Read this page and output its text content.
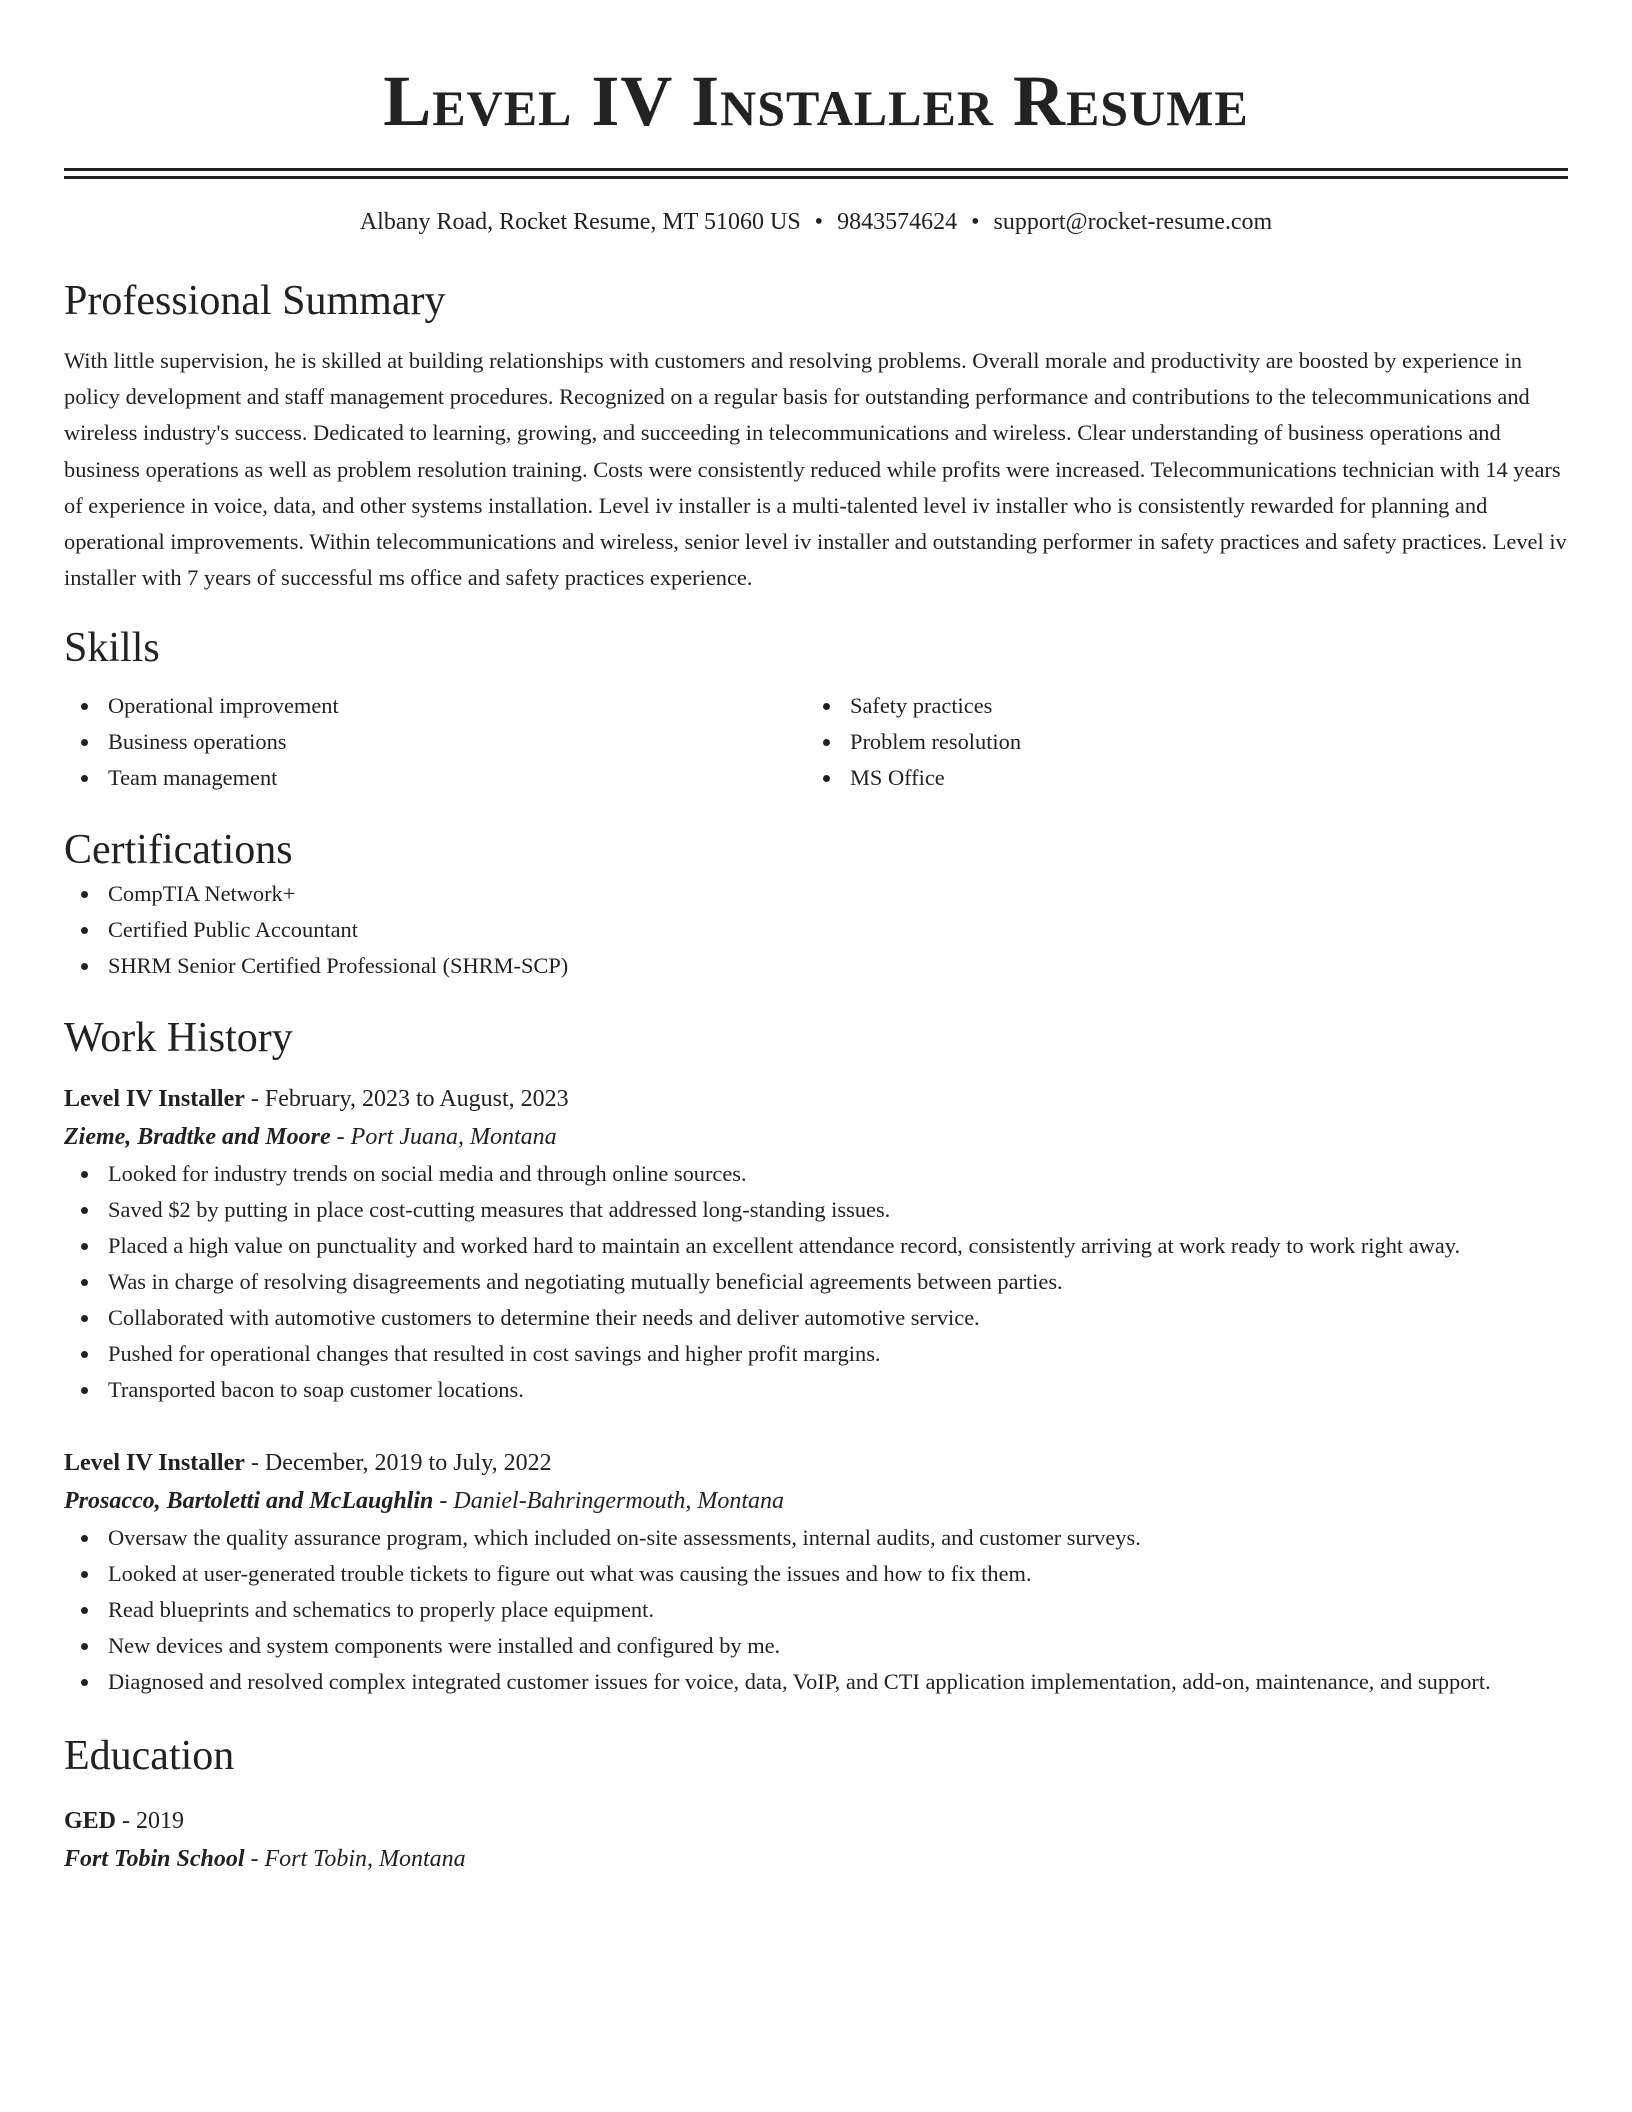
Level IV Installer Resume
Albany Road, Rocket Resume, MT 51060 US • 9843574624 • support@rocket-resume.com
Professional Summary

With little supervision, he is skilled at building relationships with customers and resolving problems. Overall morale and productivity are boosted by experience in policy development and staff management procedures. Recognized on a regular basis for outstanding performance and contributions to the telecommunications and wireless industry's success. Dedicated to learning, growing, and succeeding in telecommunications and wireless. Clear understanding of business operations and business operations as well as problem resolution training. Costs were consistently reduced while profits were increased. Telecommunications technician with 14 years of experience in voice, data, and other systems installation. Level iv installer is a multi-talented level iv installer who is consistently rewarded for planning and operational improvements. Within telecommunications and wireless, senior level iv installer and outstanding performer in safety practices and safety practices. Level iv installer with 7 years of successful ms office and safety practices experience.

Skills
Operational improvement
Business operations
Team management
Safety practices
Problem resolution
MS Office
Certifications
CompTIA Network+
Certified Public Accountant
SHRM Senior Certified Professional (SHRM-SCP)
Work History
Level IV Installer - February, 2023 to August, 2023
Zieme, Bradtke and Moore - Port Juana, Montana
Looked for industry trends on social media and through online sources.
Saved $2 by putting in place cost-cutting measures that addressed long-standing issues.
Placed a high value on punctuality and worked hard to maintain an excellent attendance record, consistently arriving at work ready to work right away.
Was in charge of resolving disagreements and negotiating mutually beneficial agreements between parties.
Collaborated with automotive customers to determine their needs and deliver automotive service.
Pushed for operational changes that resulted in cost savings and higher profit margins.
Transported bacon to soap customer locations.
Level IV Installer - December, 2019 to July, 2022
Prosacco, Bartoletti and McLaughlin - Daniel-Bahringermouth, Montana
Oversaw the quality assurance program, which included on-site assessments, internal audits, and customer surveys.
Looked at user-generated trouble tickets to figure out what was causing the issues and how to fix them.
Read blueprints and schematics to properly place equipment.
New devices and system components were installed and configured by me.
Diagnosed and resolved complex integrated customer issues for voice, data, VoIP, and CTI application implementation, add-on, maintenance, and support.
Education
GED - 2019
Fort Tobin School - Fort Tobin, Montana
